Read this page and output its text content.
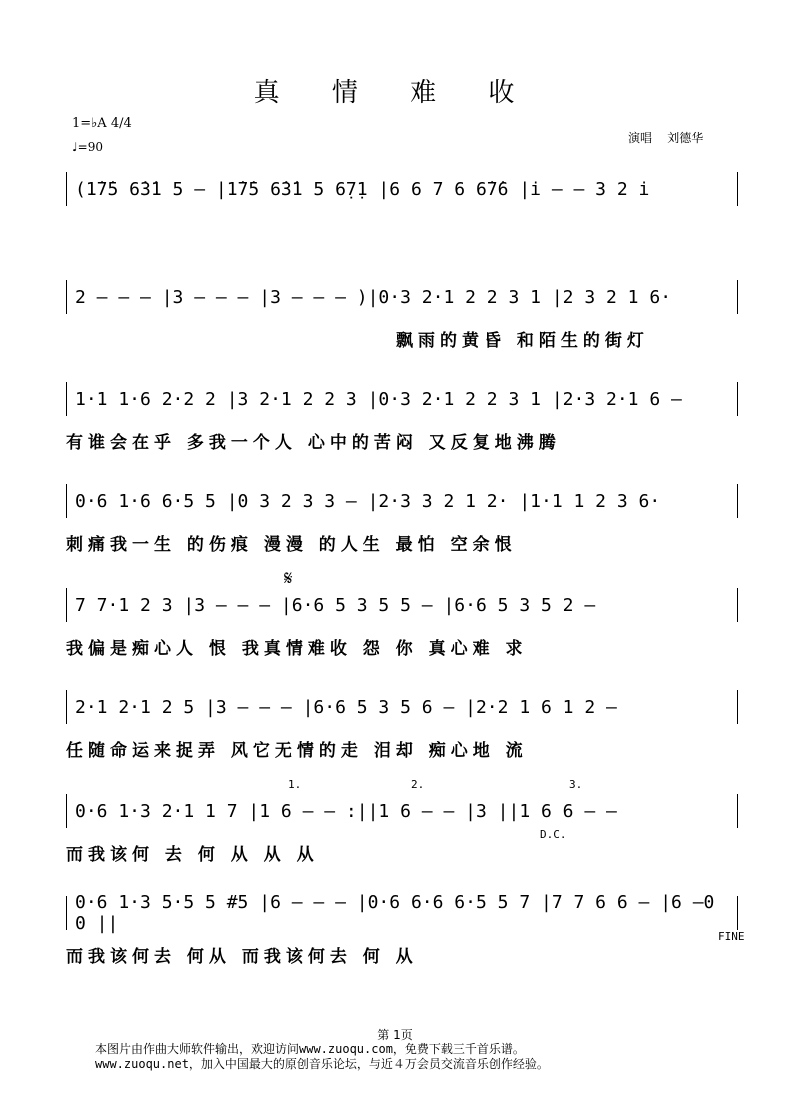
真 情 难 收
1=♭A 4/4
♩=90
演唱 刘德华
(1̇7̇5 6̇3̇1 5 – |1̇7̇5 6̇3̇1 5 6̣7̣1 |6 6 7 6 6̇7̇6 |i – – 3 2 i
2 – – – |3 – – – |3 – – – )|0·3 2·1 2 2 3 1 |2 3 2 1 6·
飘雨的黄昏 和陌生的街灯
1·1 1·6 2·2 2 |3 2·1 2 2 3 |0·3 2·1 2 2 3 1 |2·3 2·1 6 –
有谁会在乎 多我一个人 心中的苦闷 又反复地沸腾
0·6 1·6 6·5 5 |0 3 2 3 3 – |2·3 3 2 1 2· |1·1 1 2 3 6·
刺痛我一生 的伤痕 漫漫 的人生 最怕 空余恨
7 7·1 2 3 |3 – – – |6·6 5 3 5 5 – |6·6 5 3 5 2 –
我偏是痴心人 恨 我真情难收 怨 你 真心难 求
𝄋
2·1 2·1 2 5 |3 – – – |6·6 5 3 5 6 – |2·2 1 6 1 2 –
任随命运来捉弄 风它无情的走 泪却 痴心地 流
0·6 1·3 2·1 1 7 |1 6 – – :||1 6 – – |3 ||1 6 6 – –
而我该何 去 何 从 从 从
1.	2.	3.
D.C.
0·6 1·3 5·5 5 #5 |6 – – – |0·6 6·6 6·5 5 7 |7 7 6 6 – |6 –0 0 ||
而我该何去 何从 而我该何去 何 从
FINE
第 1页
本图片由作曲大师软件输出，欢迎访问www.zuoqu.com，免费下载三千首乐谱。
www.zuoqu.net，加入中国最大的原创音乐论坛，与近４万会员交流音乐创作经验。
